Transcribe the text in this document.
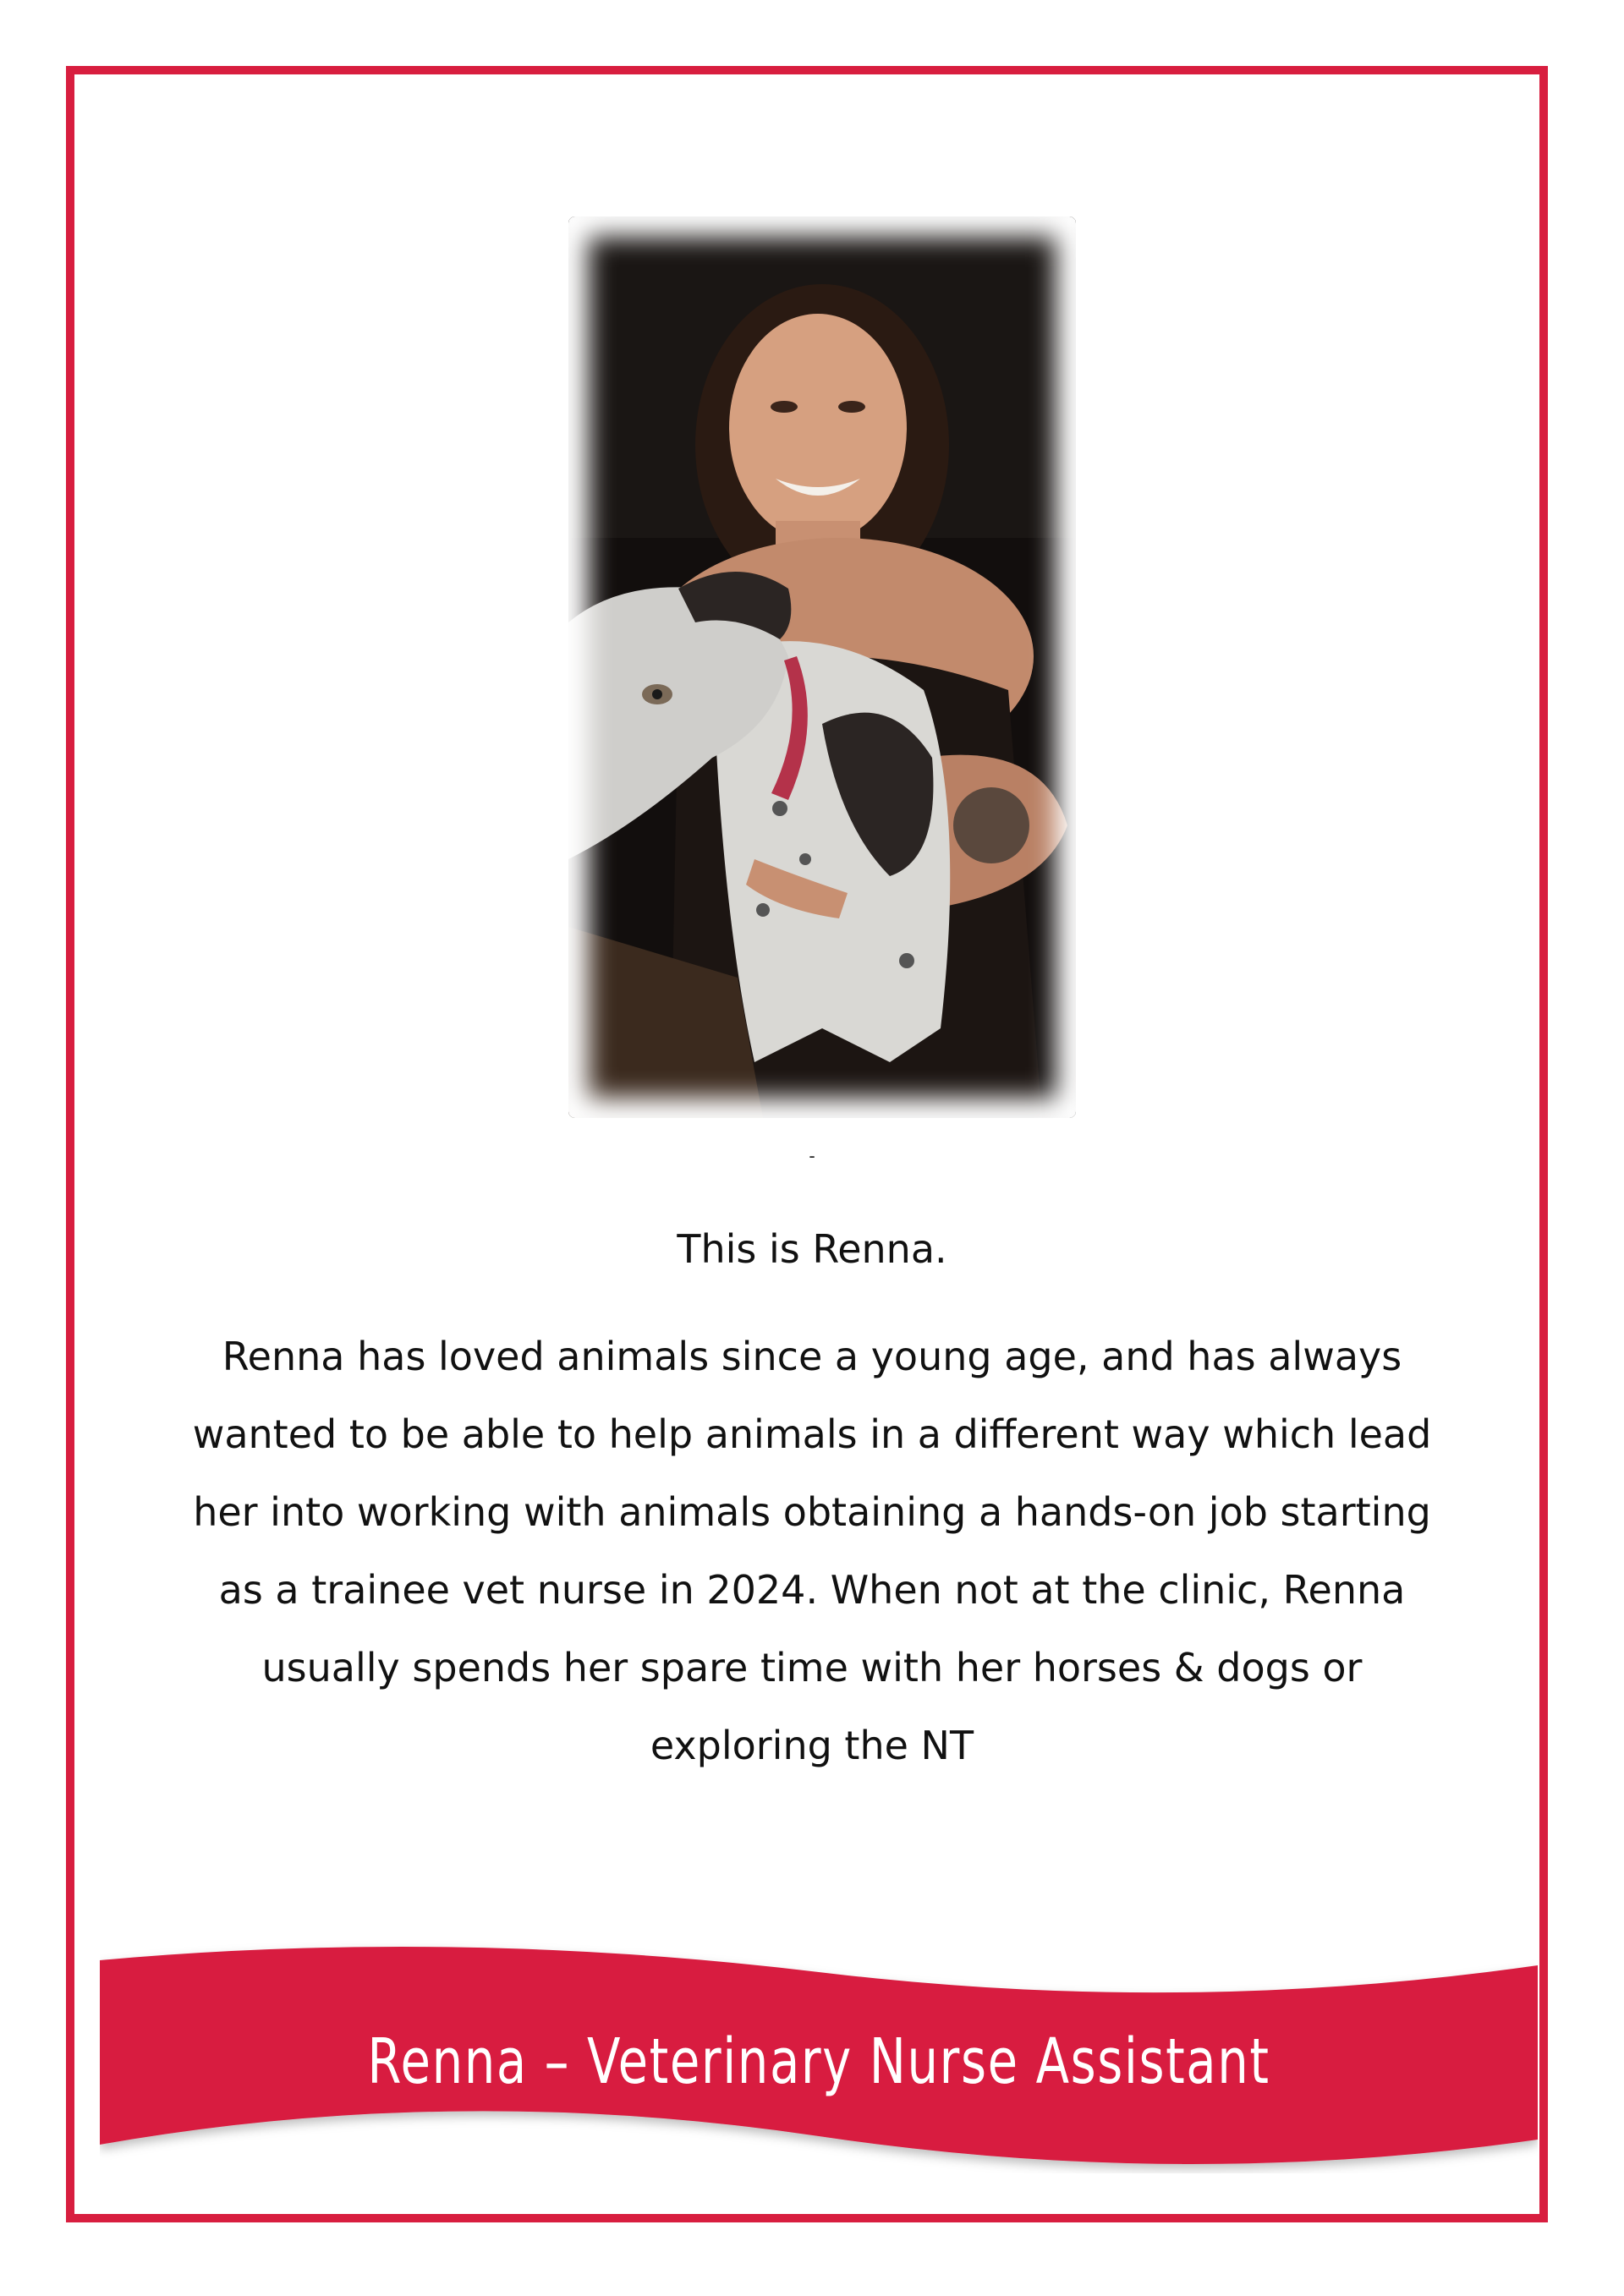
-

This is Renna.

Renna has loved animals since a young age, and has always wanted to be able to help animals in a different way which lead her into working with animals obtaining a hands-on job starting as a trainee vet nurse in 2024. When not at the clinic, Renna usually spends her spare time with her horses & dogs or exploring the NT

Renna – Veterinary Nurse Assistant
